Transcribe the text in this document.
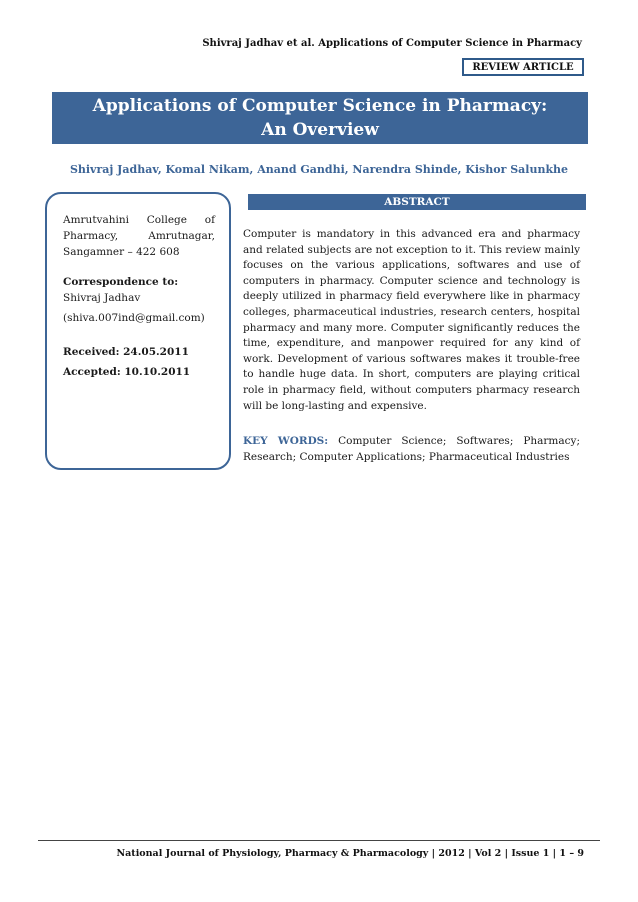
Shivraj Jadhav et al. Applications of Computer Science in Pharmacy
REVIEW ARTICLE
Applications of Computer Science in Pharmacy:
An Overview
Shivraj Jadhav, Komal Nikam, Anand Gandhi, Narendra Shinde, Kishor Salunkhe
Amrutvahini College of Pharmacy, Amrutnagar, Sangamner – 422 608
Correspondence to:
Shivraj Jadhav
(shiva.007ind@gmail.com)
Received: 24.05.2011
Accepted: 10.10.2011
ABSTRACT

Computer is mandatory in this advanced era and pharmacy and related subjects are not exception to it. This review mainly focuses on the various applications, softwares and use of computers in pharmacy. Computer science and technology is deeply utilized in pharmacy field everywhere like in pharmacy colleges, pharmaceutical industries, research centers, hospital pharmacy and many more. Computer significantly reduces the time, expenditure, and manpower required for any kind of work. Development of various softwares makes it trouble-free to handle huge data. In short, computers are playing critical role in pharmacy field, without computers pharmacy research will be long-lasting and expensive.

KEY WORDS: Computer Science; Softwares; Pharmacy; Research; Computer Applications; Pharmaceutical Industries

National Journal of Physiology, Pharmacy & Pharmacology | 2012 | Vol 2 | Issue 1 | 1 – 9
